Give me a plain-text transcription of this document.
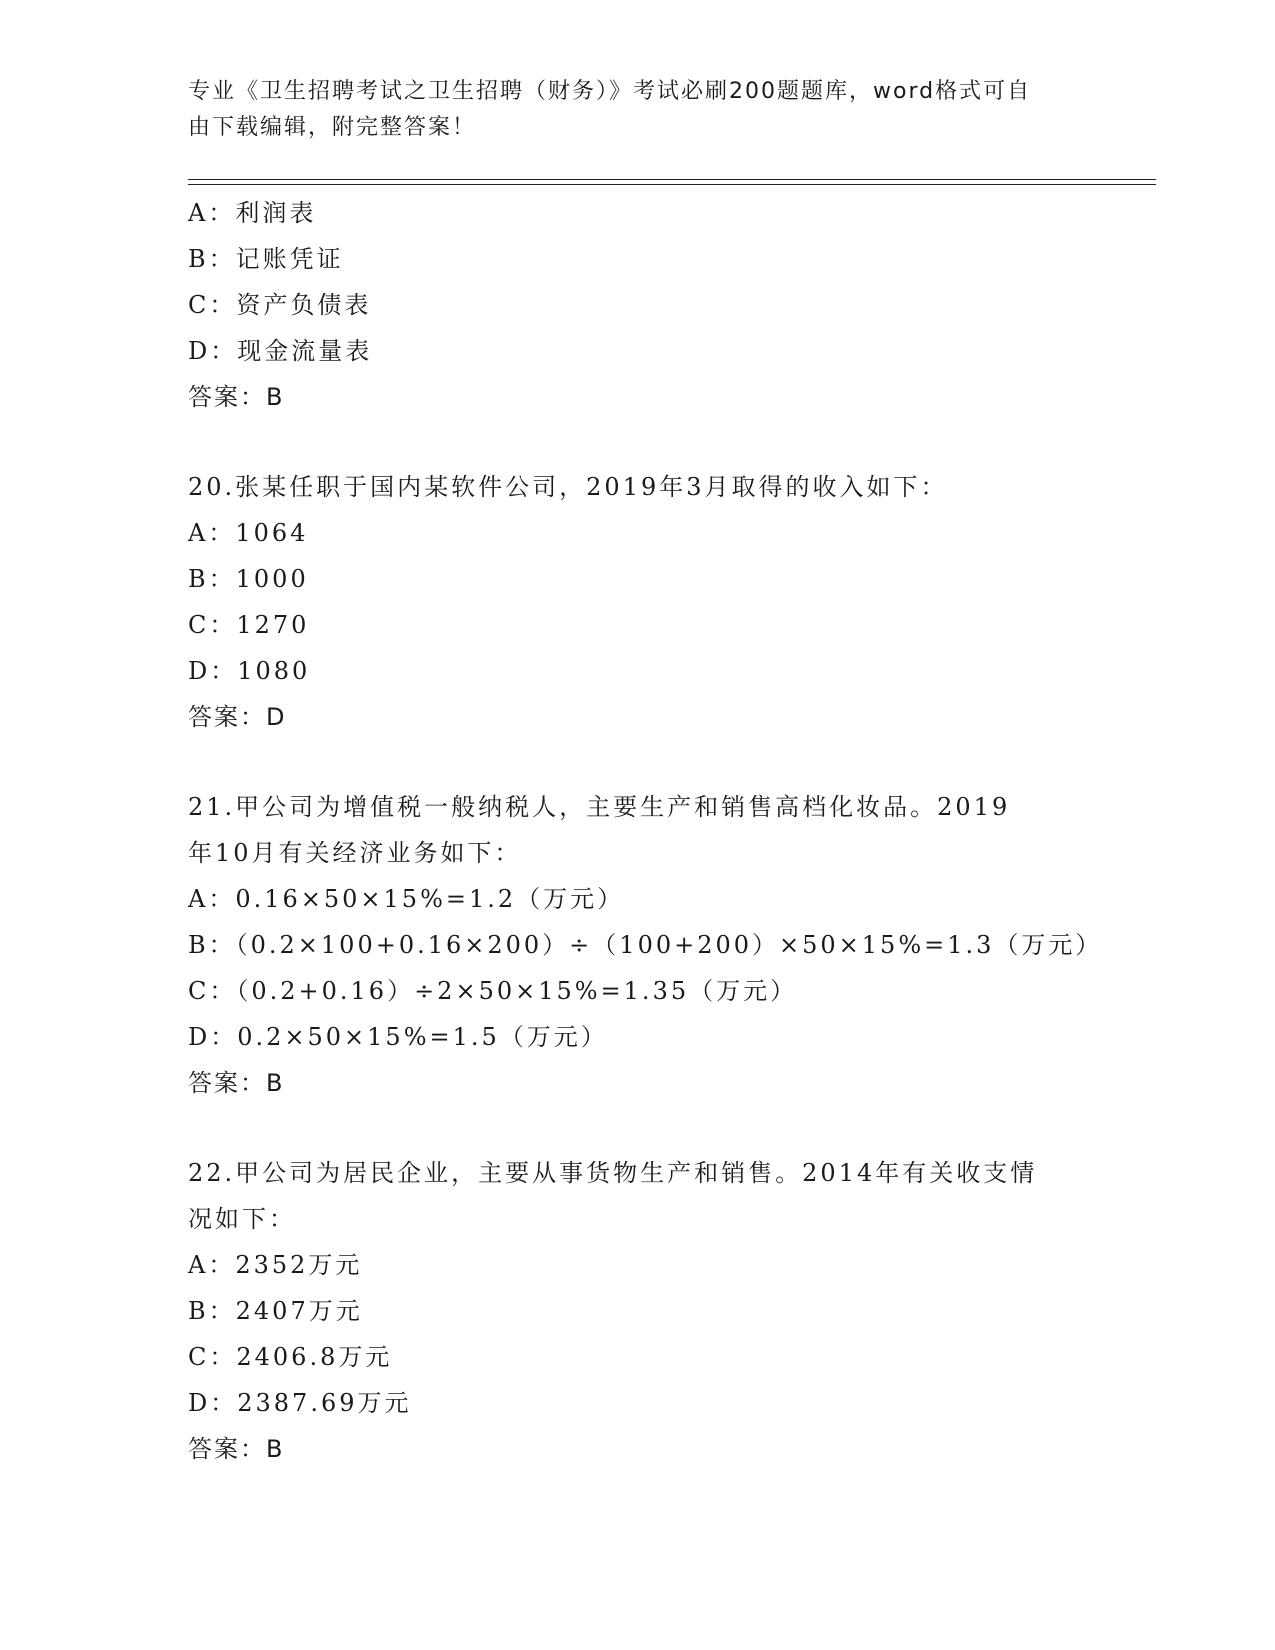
专业《卫生招聘考试之卫生招聘（财务）》考试必刷200题题库，word格式可自
由下载编辑，附完整答案！
A：利润表
B：记账凭证
C：资产负债表
D：现金流量表
答案：B
20.张某任职于国内某软件公司，2019年3月取得的收入如下：
A：1064
B：1000
C：1270
D：1080
答案：D
21.甲公司为增值税一般纳税人，主要生产和销售高档化妆品。2019
年10月有关经济业务如下：
A：0.16×50×15%=1.2（万元）
B：（0.2×100+0.16×200）÷（100+200）×50×15%=1.3（万元）
C：（0.2+0.16）÷2×50×15%=1.35（万元）
D：0.2×50×15%=1.5（万元）
答案：B
22.甲公司为居民企业，主要从事货物生产和销售。2014年有关收支情
况如下：
A：2352万元
B：2407万元
C：2406.8万元
D：2387.69万元
答案：B
